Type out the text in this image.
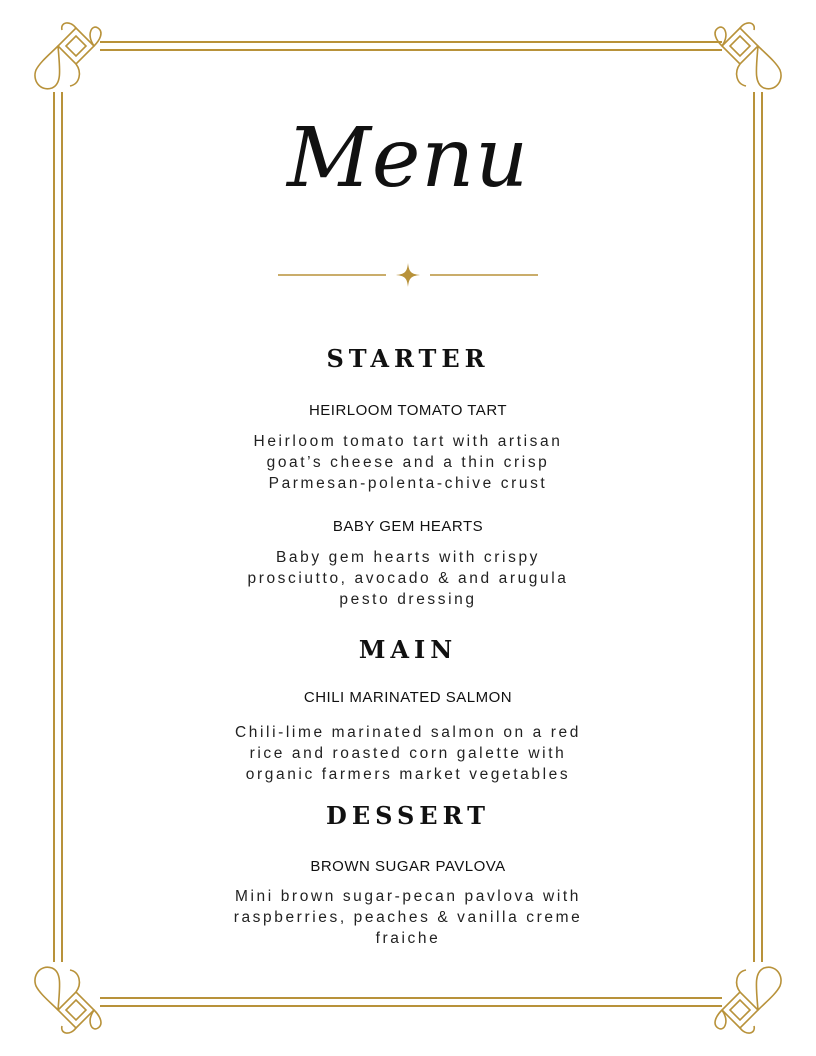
Menu
STARTER
HEIRLOOM TOMATO TART
Heirloom tomato tart with artisan
goat’s cheese and a thin crisp
Parmesan-polenta-chive crust
BABY GEM HEARTS
Baby gem hearts with crispy
prosciutto, avocado & and arugula
pesto dressing
MAIN
CHILI MARINATED SALMON
Chili-lime marinated salmon on a red
rice and roasted corn galette with
organic farmers market vegetables
DESSERT
BROWN SUGAR PAVLOVA
Mini brown sugar-pecan pavlova with
raspberries, peaches & vanilla creme
fraiche
